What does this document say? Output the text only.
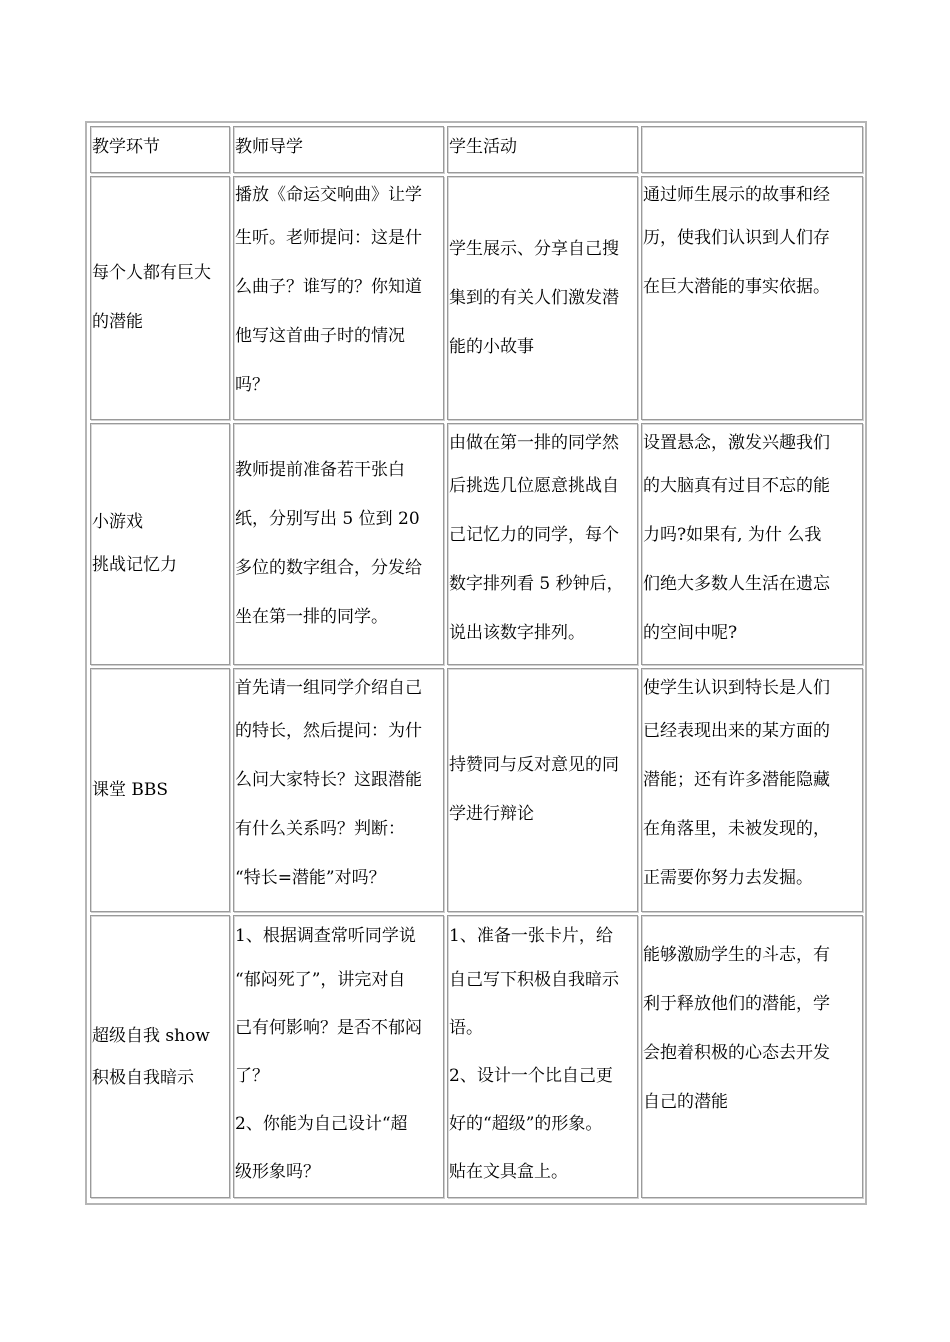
教学环节	教师导学	学生活动
每个人都有巨大
的潜能
播放《命运交响曲》让学
生听。老师提问：这是什
么曲子？谁写的？你知道
他写这首曲子时的情况
吗？
学生展示、分享自己搜
集到的有关人们激发潜
能的小故事
通过师生展示的故事和经
历，使我们认识到人们存
在巨大潜能的事实依据。
小游戏
挑战记忆力
教师提前准备若干张白
纸，分别写出 5 位到 20
多位的数字组合，分发给
坐在第一排的同学。
由做在第一排的同学然
后挑选几位愿意挑战自
己记忆力的同学，每个
数字排列看 5 秒钟后，
说出该数字排列。
设置悬念，激发兴趣我们
的大脑真有过目不忘的能
力吗?如果有, 为什 么我
们绝大多数人生活在遗忘
的空间中呢?
课堂 BBS
首先请一组同学介绍自己
的特长，然后提问：为什
么问大家特长？这跟潜能
有什么关系吗？判断：
“特长=潜能”对吗？
持赞同与反对意见的同
学进行辩论
使学生认识到特长是人们
已经表现出来的某方面的
潜能；还有许多潜能隐藏
在角落里，未被发现的，
正需要你努力去发掘。
超级自我 show
积极自我暗示
1、根据调查常听同学说
“郁闷死了”，讲完对自
己有何影响？是否不郁闷
了？
2、你能为自己设计“超
级形象吗？
1、准备一张卡片，给
自己写下积极自我暗示
语。
2、设计一个比自己更
好的“超级”的形象。
贴在文具盒上。
能够激励学生的斗志，有
利于释放他们的潜能，学
会抱着积极的心态去开发
自己的潜能
